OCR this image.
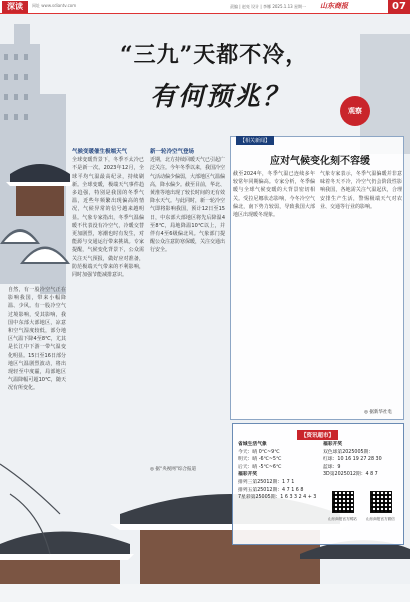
深读	网址 www.sdiantv.com	责编 | 赵亮 设计 | 李娜 2025.1.13 星期一 山东商报	07
“三九”天都不冷，
有何预兆？	观察
自然，有一股冷空气正在影响我国，带来小幅降温、少风。有一股冷空气过境影响，受其影响，我国中东部大部地区，凉意和空气湿度较低，部分地区气温下降4至8℃，尤其是长江中下游一带气温变化明显。15日至16日部分地区气温剧烈波动，将出现轻至中度霾，局部地区气温降幅可超10℃，随天况有所变化。
气候变暖催生极端天气
全球变暖背景下，冬季不太冷已不是新一次。2023年12月，全球平均气温最高纪录，持续刷新。全球变暖，极端天气事件趋多趋强，特别是我国的冬季气温，近些年频繁出现偏高的情况，气候异常的信号越来越明显。气象专家指出，冬季气温偏暖不代表没有冷空气，冷暖交替更加剧烈，寒潮也时有发生，对能源与交通运行带来挑战。专家提醒，气候变化背景下，公众需关注天气预报，做好应对准备，防范极端天气带来的不利影响，同时加强节能减排意识。
新一轮冷空气登场
近期，北方持续回暖天气已引起广泛关注。今年冬季以来，我国冷空气活动偏少偏弱，大部地区气温偏高，降水偏少。截至目前，华北、黄淮等地出现了较长时间的无有效降水天气。与此同时，新一轮冷空气即将影响我国，预计12日至15日，中东部大部地区将先后降温4至8℃，局地降温10℃以上，并伴有4至6级偏北风。气象部门提醒公众注意防寒保暖，关注交通出行安全。
◎ 据“央视网”综合报道
【相关新闻】
应对气候变化刻不容缓
截至2024年，冬季气温已连续多年较常年同期偏高。专家分析，冬季偏暖与全球气候变暖的大背景密切相关。受拉尼娜状态影响，今冬冷空气偏北，南下势力较弱，导致我国大部地区出现暖冬现象。
气象专家表示，冬季气温偏暖并非意味着冬天不冷，冷空气仍会阶段性影响我国，各地需关注气温起伏，合理安排生产生活，警惕极端天气对农业、交通等行业的影响。
◎ 据新华社电
【资讯超市】
省城生活气象
今天：晴 0℃~9℃
明天：晴 -6℃~5℃
后天：晴 -5℃~6℃
福彩开奖
排列三第25012期：1 7 1
排列五第25012期：4 7 1 6 8
7星彩第25005期：1 6 3 3 2 4 + 3
福彩开奖
双色球第2025005期：
红球：10 16 19 27 28 30
蓝球：9
3D第2025012期：4 8 7
山东商报官方网站	山东商报官方微信
